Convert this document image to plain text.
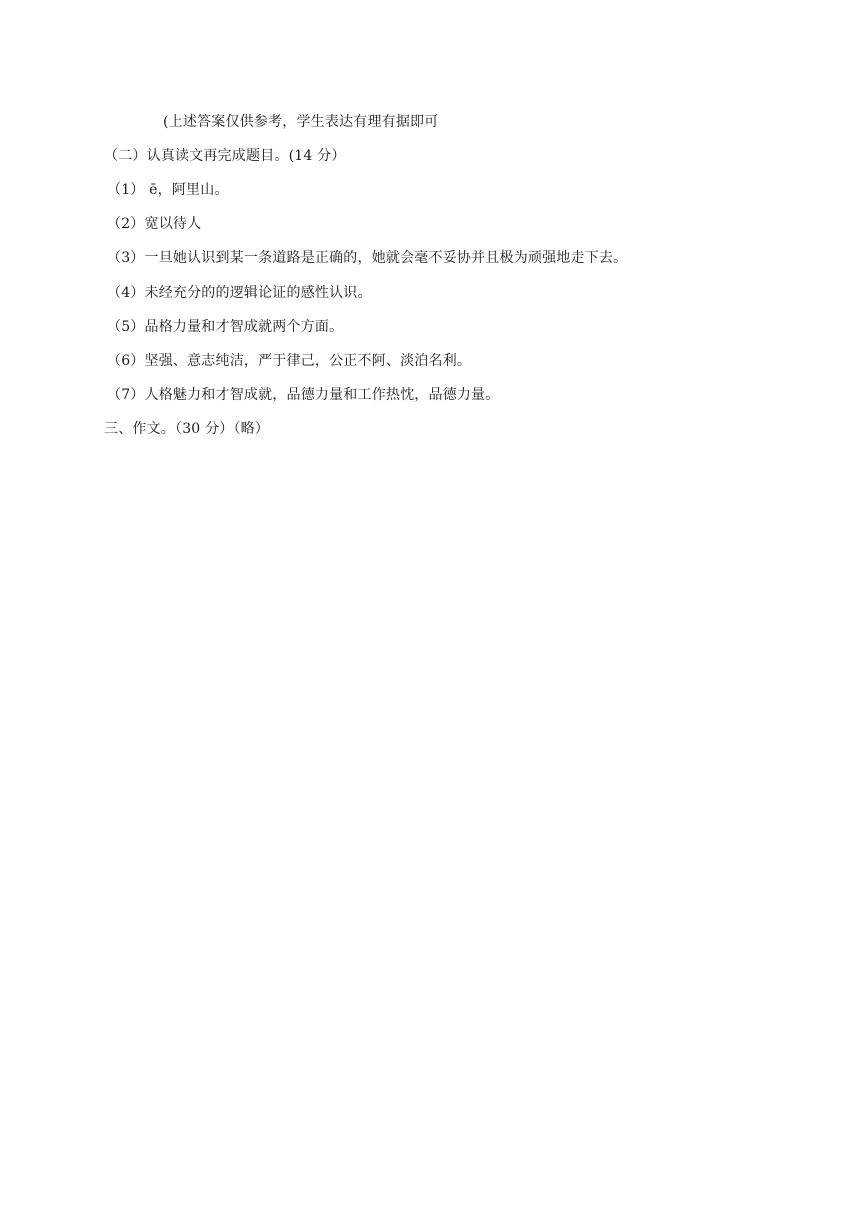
(上述答案仅供参考，学生表达有理有据即可
（二）认真读文再完成题目。(14 分）
（1） ē，阿里山。
（2）宽以待人
（3）一旦她认识到某一条道路是正确的，她就会毫不妥协并且极为顽强地走下去。
（4）未经充分的的逻辑论证的感性认识。
（5）品格力量和才智成就两个方面。
（6）坚强、意志纯洁，严于律己，公正不阿、淡泊名利。
（7）人格魅力和才智成就，品德力量和工作热忱，品德力量。
三、作文。（30 分）（略）
